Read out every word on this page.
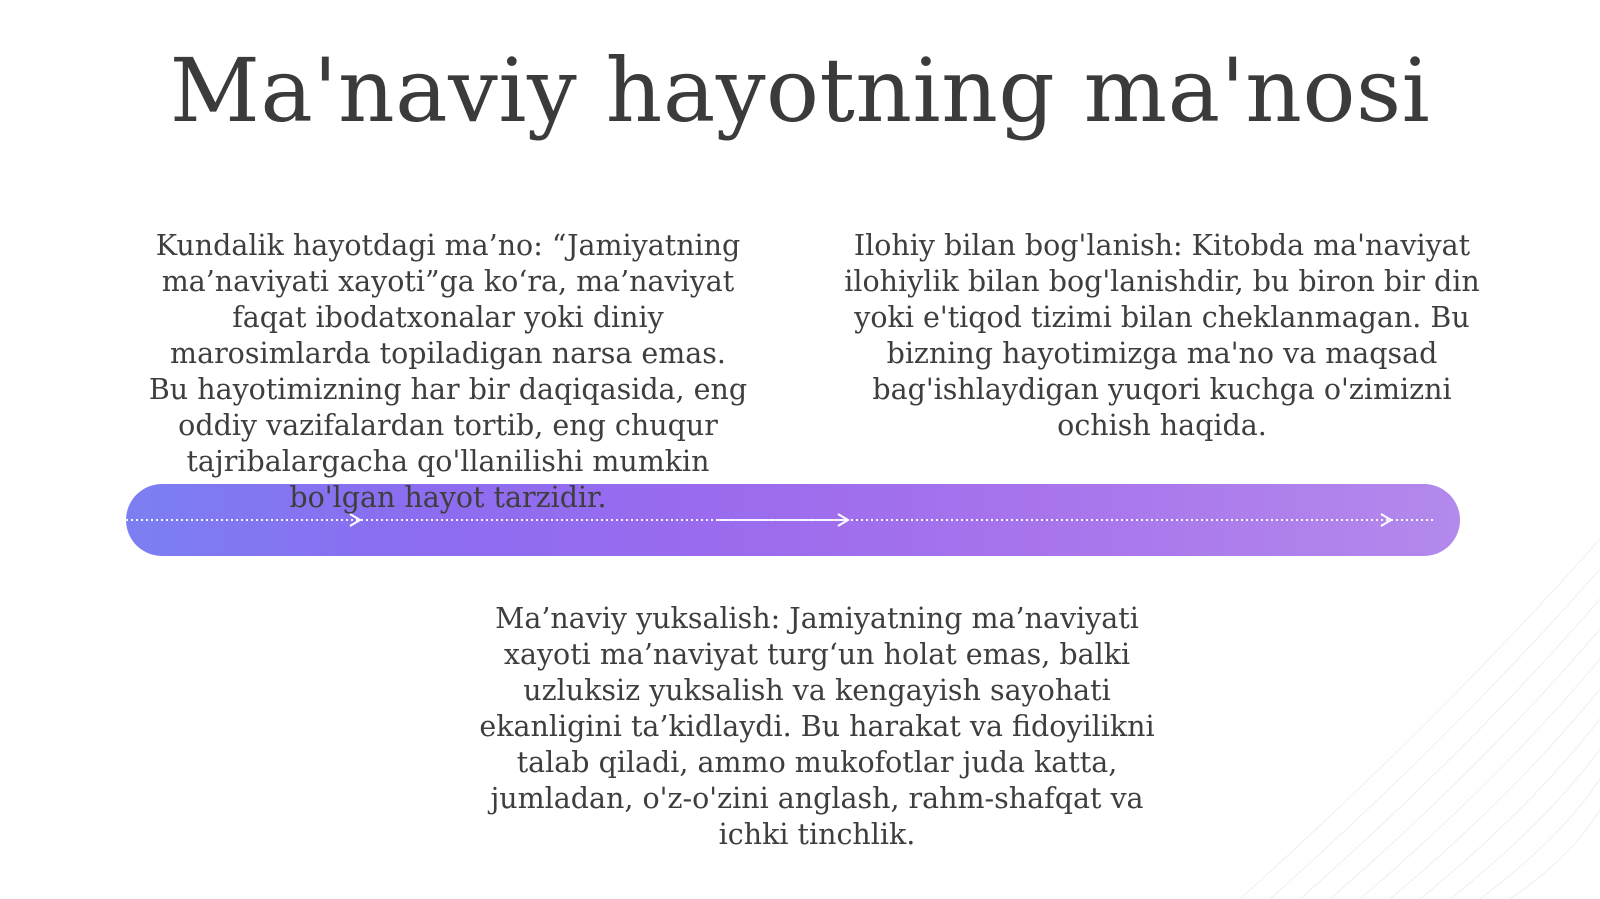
Ma'naviy hayotning ma'nosi

Kundalik hayotdagi ma’no: “Jamiyatning ma’naviyati xayoti”ga ko‘ra, ma’naviyat faqat ibodatxonalar yoki diniy marosimlarda topiladigan narsa emas. Bu hayotimizning har bir daqiqasida, eng oddiy vazifalardan tortib, eng chuqur tajribalargacha qo'llanilishi mumkin bo'lgan hayot tarzidir.

Ilohiy bilan bog'lanish: Kitobda ma'naviyat ilohiylik bilan bog'lanishdir, bu biron bir din yoki e'tiqod tizimi bilan cheklanmagan. Bu bizning hayotimizga ma'no va maqsad bag'ishlaydigan yuqori kuchga o'zimizni ochish haqida.

Ma’naviy yuksalish: Jamiyatning ma’naviyati xayoti ma’naviyat turg‘un holat emas, balki uzluksiz yuksalish va kengayish sayohati ekanligini ta’kidlaydi. Bu harakat va fidoyilikni talab qiladi, ammo mukofotlar juda katta, jumladan, o'z-o'zini anglash, rahm-shafqat va ichki tinchlik.
